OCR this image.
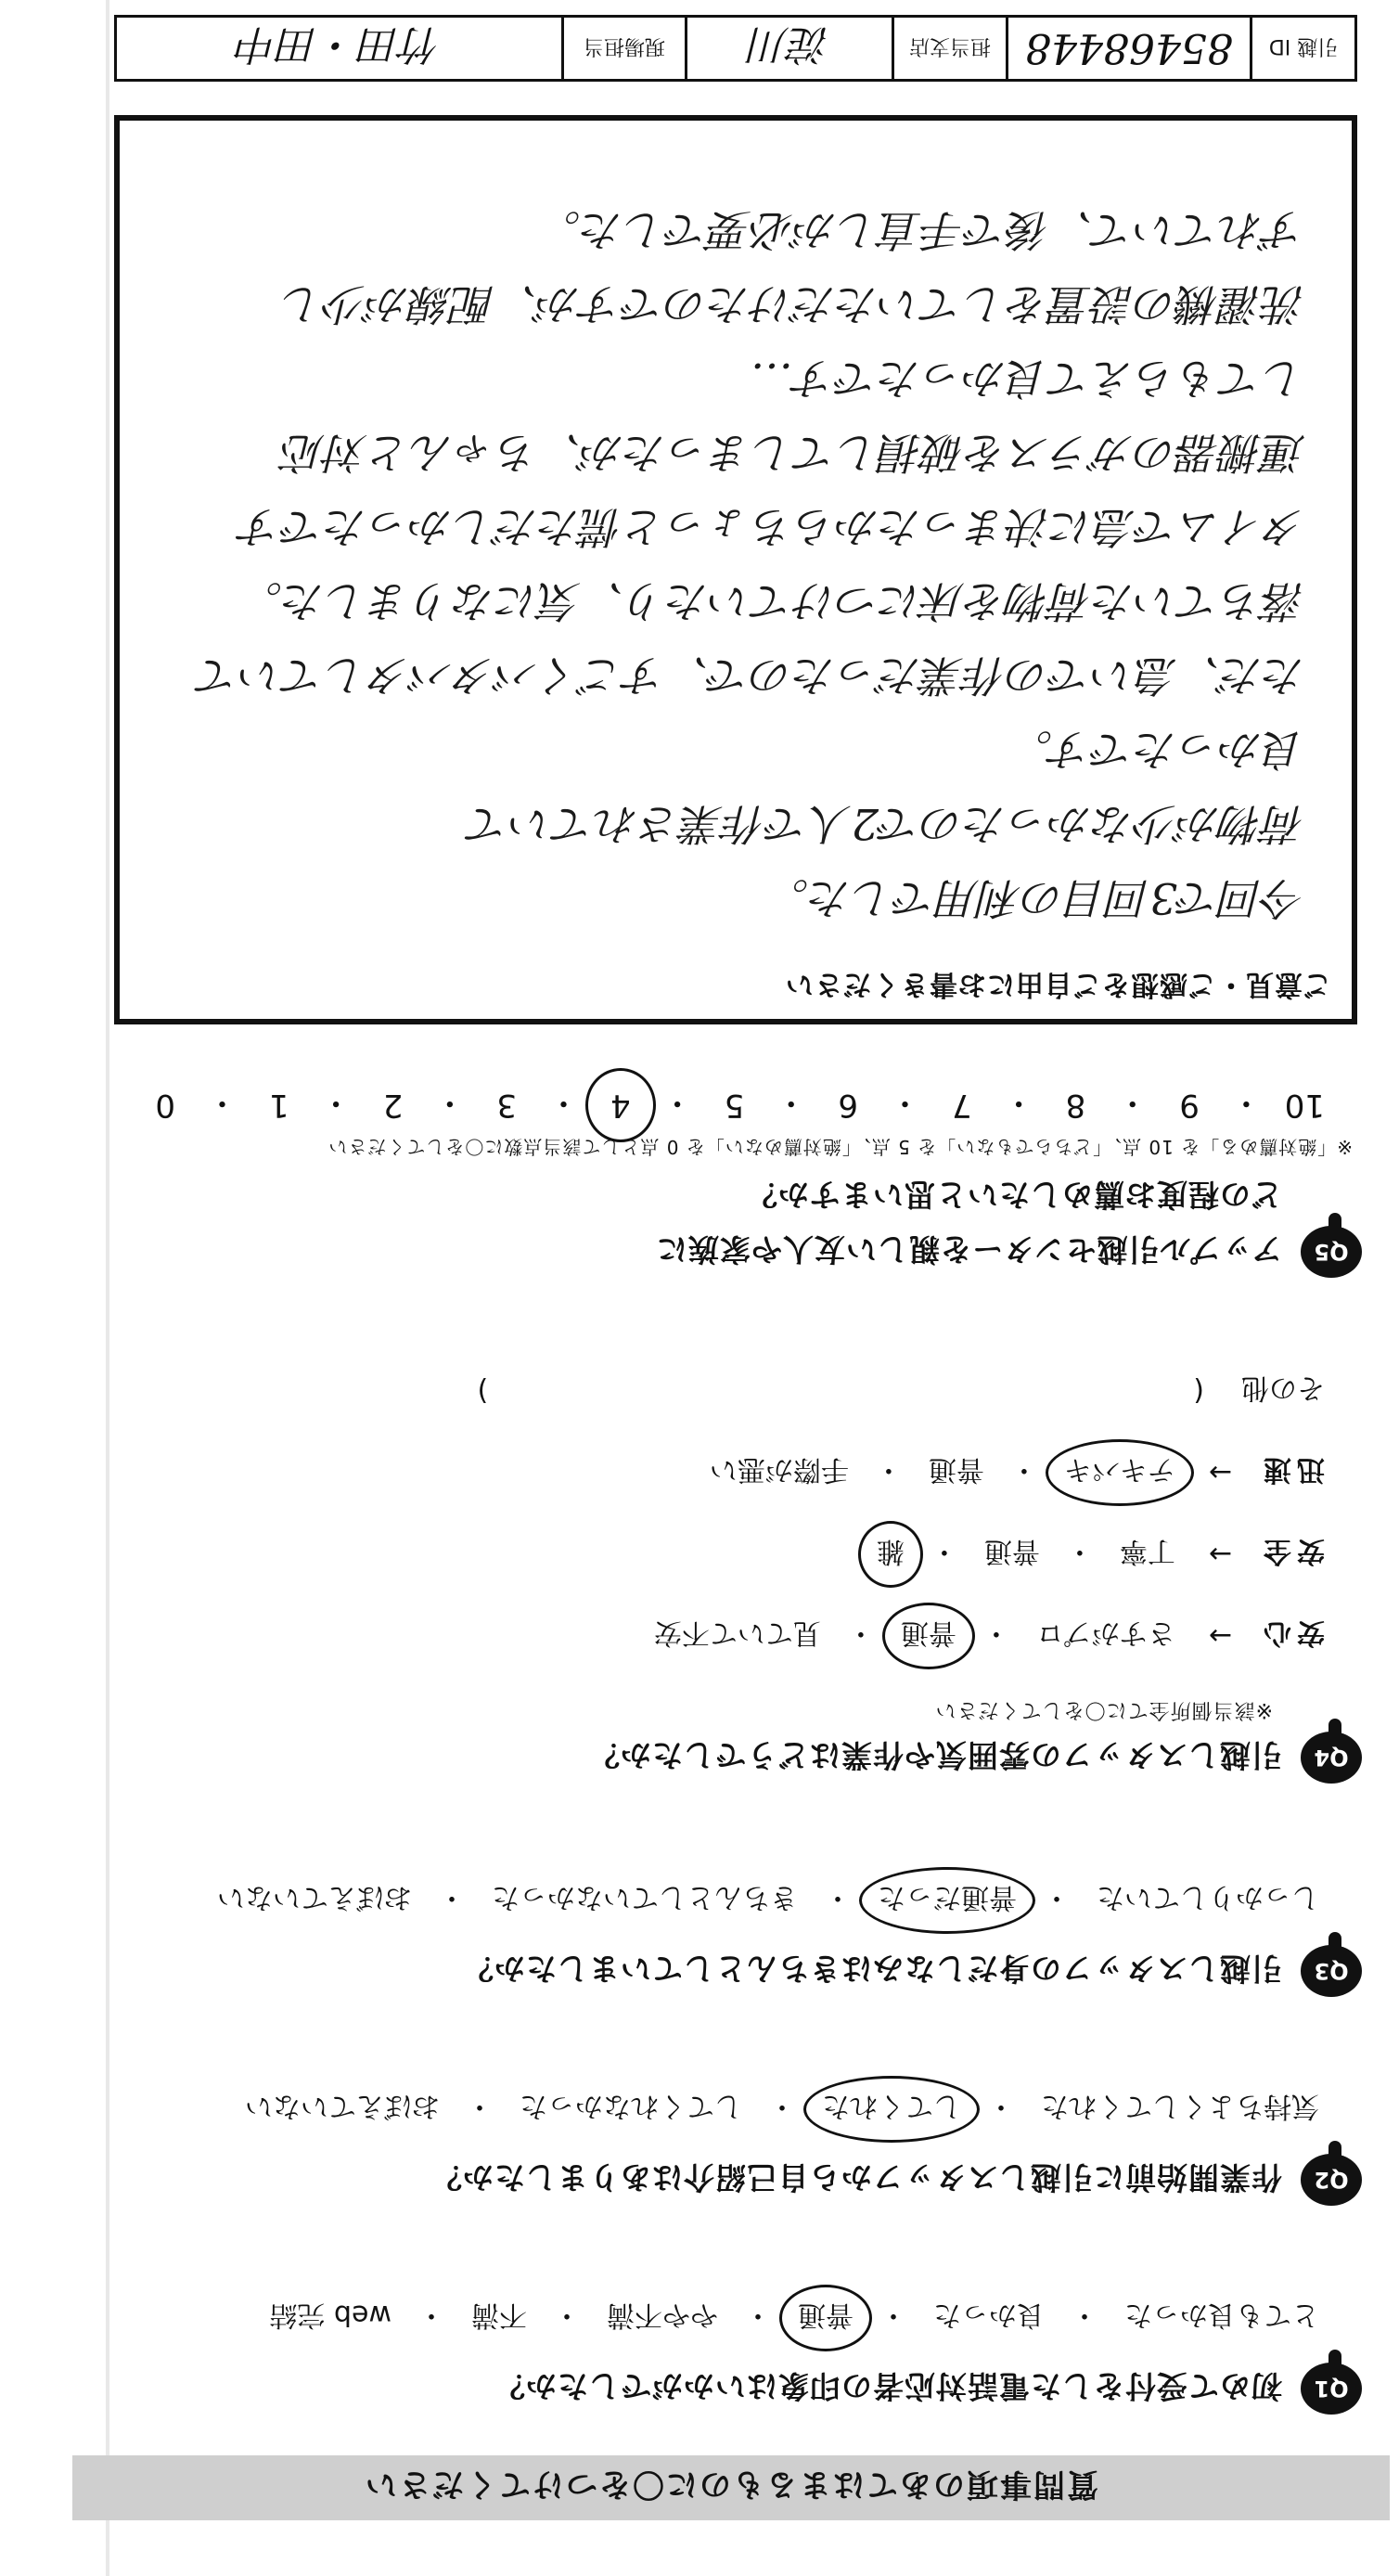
質問事項のあてはまるものに〇をつけてください
Q1
初めて受付をした電話対応者の印象はいかがでしたか？
とても良かった
・
良かった
・
普通
・
やや不満
・
不満
・
web 完結
Q2
作業開始前に引越しスタッフから自己紹介はありましたか？
気持ちよくしてくれた
・
してくれた
・
してくれなかった
・
おぼえていない
Q3
引越しスタッフの身だしなみはきちんとしていましたか？
しっかりしていた
・
普通だった
・
きちんとしていなかった
・
おぼえていない
Q4
引越しスタッフの雰囲気や作業はどうでしたか？
※該当個所全てに〇をしてください
安心
→
さすがプロ
・
普通
・
見ていて不安
安全
→
丁寧
・
普通
・
雑
迅速
→
テキパキ
・
普通
・
手際が悪い
その他
(
)
Q5
アップル引越センターを親しい友人や家族に
どの程度お薦めしたいと思いますか？
※「絶対薦める」を 10 点、「どちらでもない」を 5 点、「絶対薦めない」を 0 点として該当点数に〇をしてください
10
・
9
・
8
・
7
・
6
・
5
・
4
・
3
・
2
・
1
・
0
ご意見・ご感想をご自由にお書きください
今回で3回目の利用でした。
荷物が少なかったので2人で作業されていて
良かったです。
ただ、急いでの作業だったので、すごくバタバタしていて
落ちていた荷物を床につけていたり、気になりました。
タイムで急に決まったからちょっと慌ただしかったです
運搬器のガラスを破損してしまったが、ちゃんと対応
してもらえて良かったです…
洗濯機の設置をしていただけたのですが、配線が少し
ずれていて、後で手直しが必要でした。
引越 ID
85468448
担当支店
淀川
現場担当
竹田・田中
